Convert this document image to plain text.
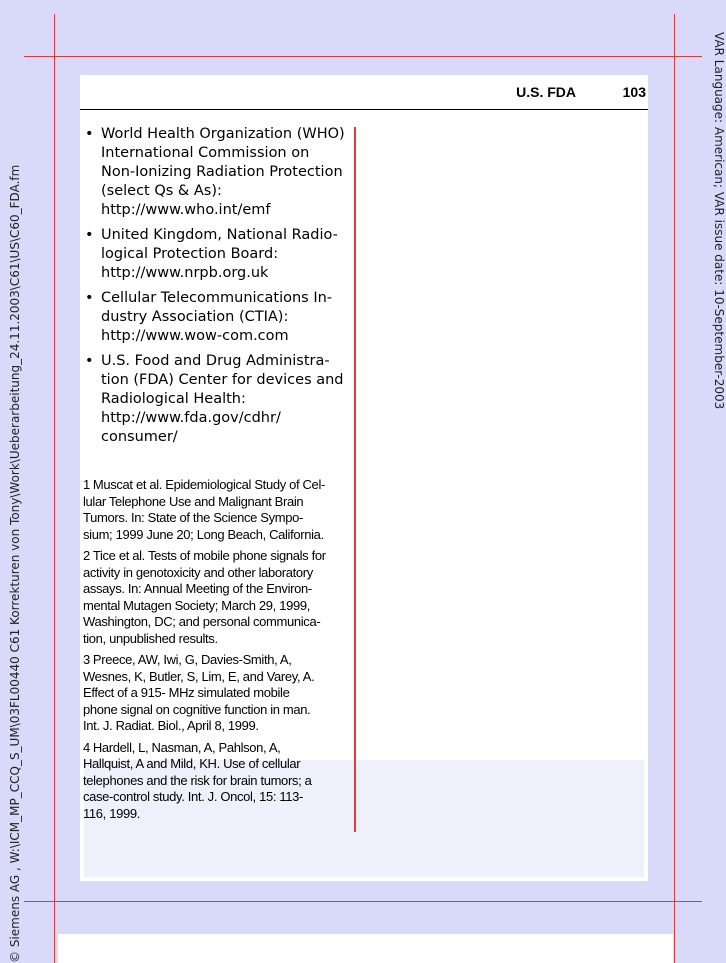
© Siemens AG , W:\ICM_MP_CCQ_S_UM\03FL00440 C61 Korrekturen von Tony\Work\Ueberarbeitung_24.11.2003\C61\US\C60_FDA.fm	VAR Language: American; VAR issue date: 10-September-2003
U.S. FDA	103
• World Health Organization (WHO)
International Commission on
Non-Ionizing Radiation Protection
(select Qs & As):
http://www.who.int/emf
• United Kingdom, National Radio-
logical Protection Board:
http://www.nrpb.org.uk
• Cellular Telecommunications In-
dustry Association (CTIA):
http://www.wow-com.com
• U.S. Food and Drug Administra-
tion (FDA) Center for devices and
Radiological Health:
http://www.fda.gov/cdhr/
consumer/
1 Muscat et al. Epidemiological Study of Cel-
lular Telephone Use and Malignant Brain
Tumors. In: State of the Science Sympo-
sium; 1999 June 20; Long Beach, California.
2 Tice et al. Tests of mobile phone signals for
activity in genotoxicity and other laboratory
assays. In: Annual Meeting of the Environ-
mental Mutagen Society; March 29, 1999,
Washington, DC; and personal communica-
tion, unpublished results.
3 Preece, AW, Iwi, G, Davies-Smith, A,
Wesnes, K, Butler, S, Lim, E, and Varey, A.
Effect of a 915- MHz simulated mobile
phone signal on cognitive function in man.
Int. J. Radiat. Biol., April 8, 1999.
4 Hardell, L, Nasman, A, Pahlson, A,
Hallquist, A and Mild, KH. Use of cellular
telephones and the risk for brain tumors; a
case-control study. Int. J. Oncol, 15: 113-
116, 1999.
